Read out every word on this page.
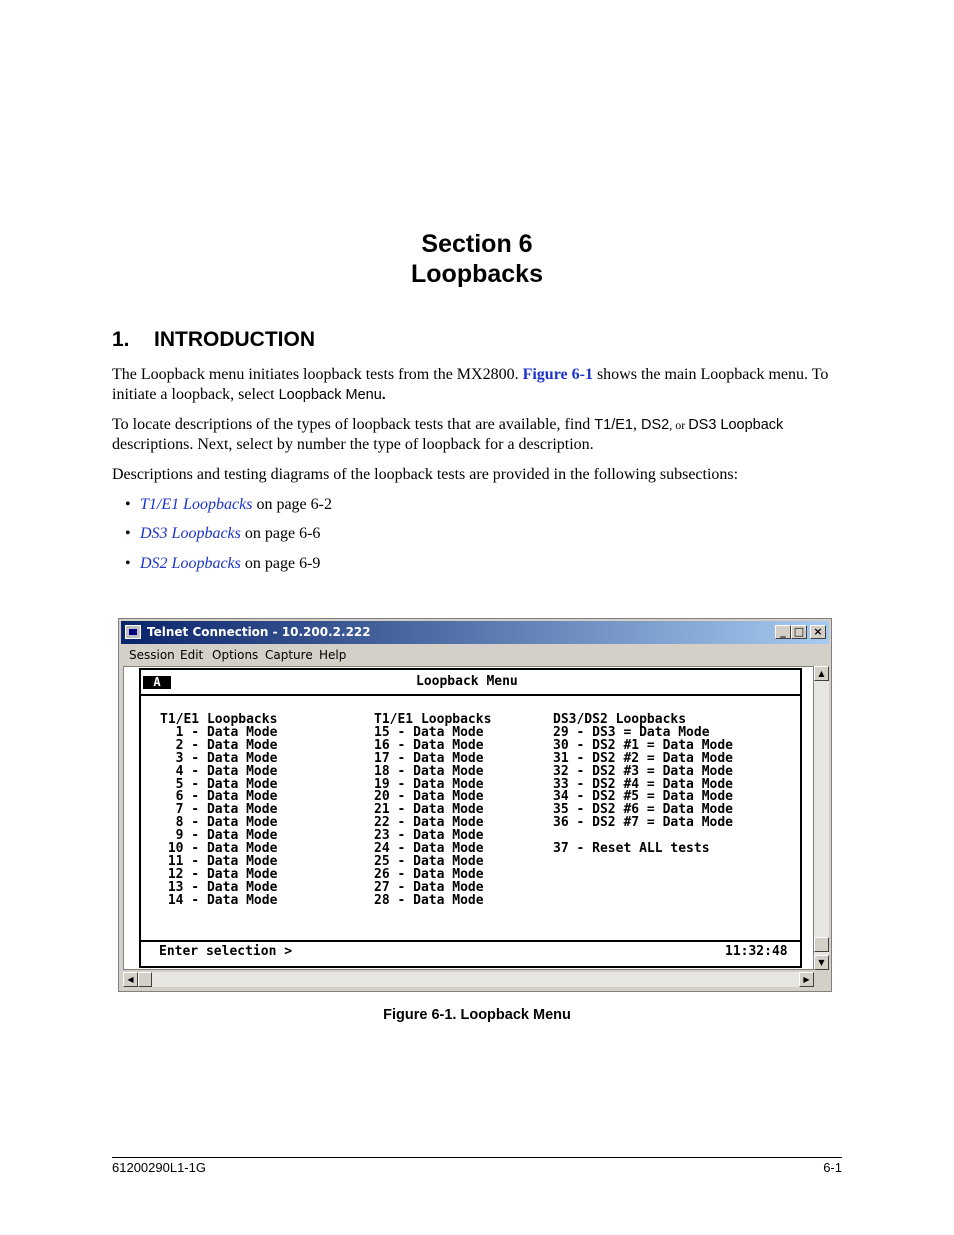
Section 6
Loopbacks
1. INTRODUCTION
The Loopback menu initiates loopback tests from the MX2800. Figure 6-1 shows the main Loopback menu. To initiate a loopback, select Loopback Menu.
To locate descriptions of the types of loopback tests that are available, find T1/E1, DS2, or DS3 Loopback descriptions. Next, select by number the type of loopback for a description.
Descriptions and testing diagrams of the loopback tests are provided in the following subsections:
• T1/E1 Loopbacks on page 6-2
• DS3 Loopbacks on page 6-6
• DS2 Loopbacks on page 6-9
Telnet Connection - 10.200.2.222	_ □ ×
Session Edit Options Capture Help

A

	Loopback Menu

T1/E1 Loopbacks
1 - Data Mode
2 - Data Mode
3 - Data Mode
4 - Data Mode
5 - Data Mode
6 - Data Mode
7 - Data Mode
8 - Data Mode
9 - Data Mode
10 - Data Mode
11 - Data Mode
12 - Data Mode
13 - Data Mode
14 - Data Mode

T1/E1 Loopbacks
15 - Data Mode
16 - Data Mode
17 - Data Mode
18 - Data Mode
19 - Data Mode
20 - Data Mode
21 - Data Mode
22 - Data Mode
23 - Data Mode
24 - Data Mode
25 - Data Mode
26 - Data Mode
27 - Data Mode
28 - Data Mode

DS3/DS2 Loopbacks
29 - DS3 = Data Mode
30 - DS2 #1 = Data Mode
31 - DS2 #2 = Data Mode
32 - DS2 #3 = Data Mode
33 - DS2 #4 = Data Mode
34 - DS2 #5 = Data Mode
35 - DS2 #6 = Data Mode
36 - DS2 #7 = Data Mode

37 - Reset ALL tests

Enter selection >

	11:32:48

▲
▼
◀	▶
Figure 6-1. Loopback Menu
61200290L1-1G	6-1
